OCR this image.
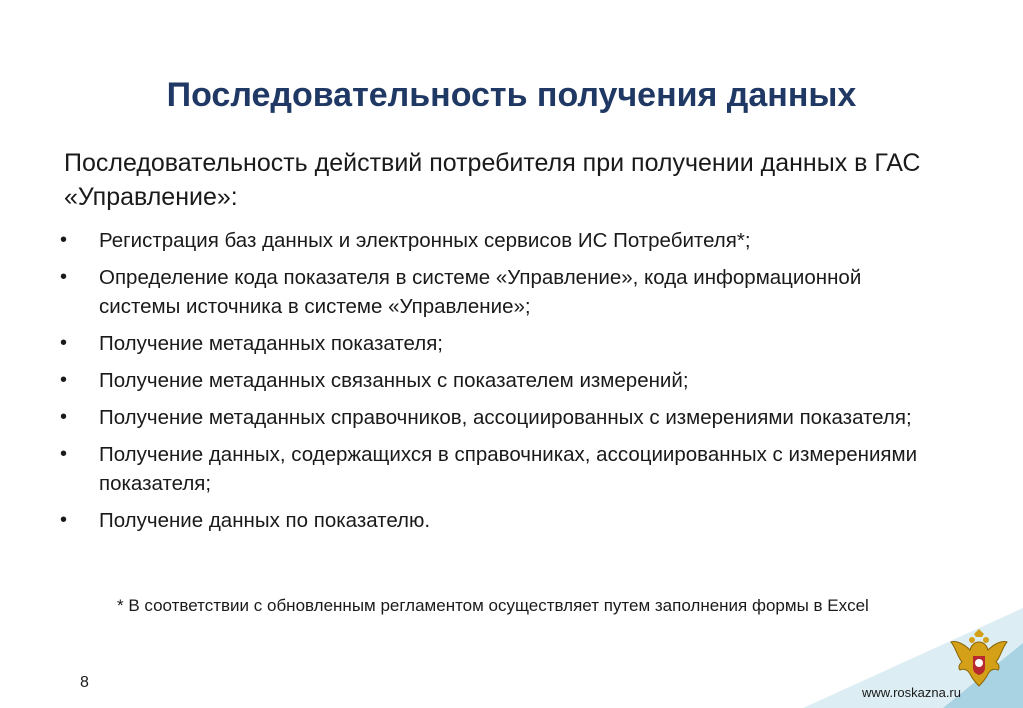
Последовательность получения данных

Последовательность действий потребителя при получении данных в ГАС «Управление»:

• Регистрация баз данных и электронных сервисов ИС Потребителя*;
• Определение кода показателя в системе «Управление», кода информационной системы источника в системе «Управление»;
• Получение метаданных показателя;
• Получение метаданных связанных с показателем измерений;
• Получение метаданных справочников, ассоциированных с измерениями показателя;
• Получение данных, содержащихся в справочниках, ассоциированных с измерениями показателя;
• Получение данных по показателю.

* В соответствии с обновленным регламентом осуществляет путем заполнения формы в Excel

8
www.roskazna.ru
